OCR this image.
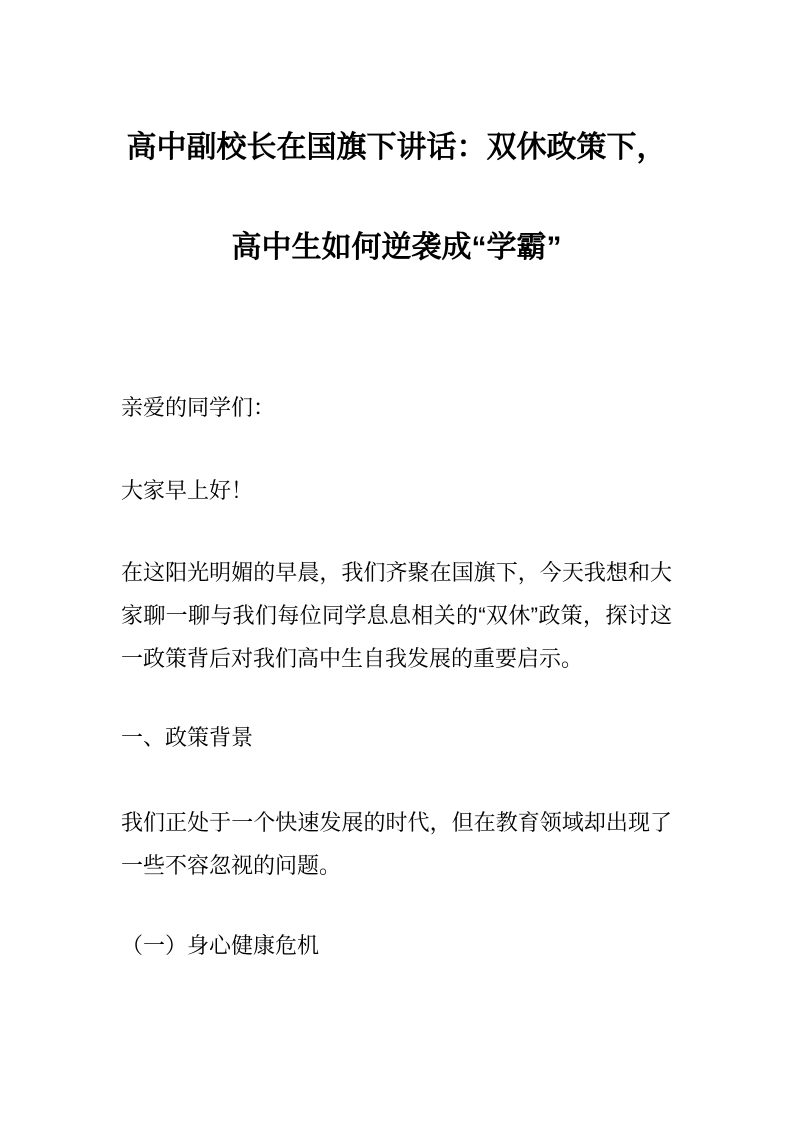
高中副校长在国旗下讲话：双休政策下，
高中生如何逆袭成“学霸”
亲爱的同学们：
大家早上好！
在这阳光明媚的早晨，我们齐聚在国旗下，今天我想和大家聊一聊与我们每位同学息息相关的“双休”政策，探讨这一政策背后对我们高中生自我发展的重要启示。
一、政策背景
我们正处于一个快速发展的时代，但在教育领域却出现了一些不容忽视的问题。
（一）身心健康危机
